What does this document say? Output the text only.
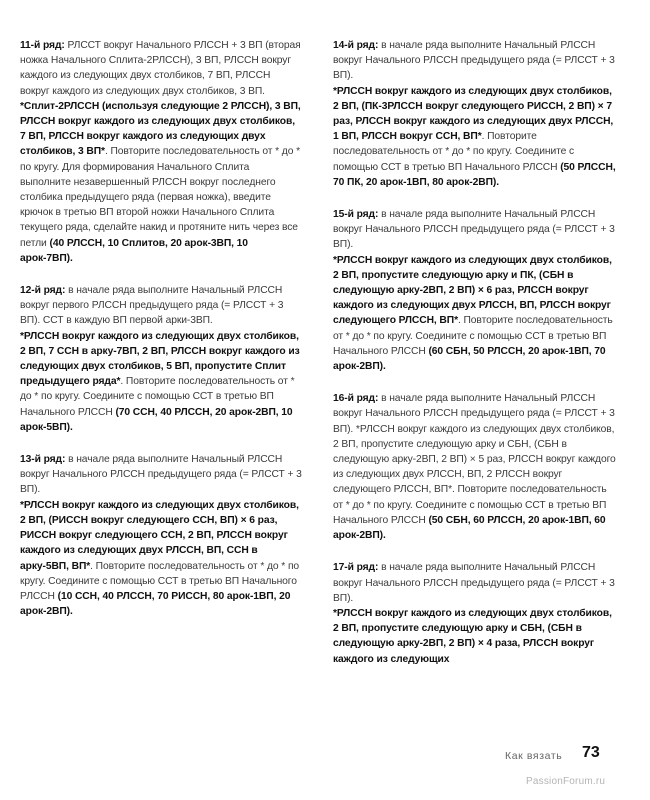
11-й ряд: РЛССТ вокруг Начального РЛССН + 3 ВП (вторая ножка Начального Сплита-2РЛССН), 3 ВП, РЛССН вокруг каждого из следующих двух столбиков, 7 ВП, РЛССН вокруг каждого из следующих двух столбиков, 3 ВП.
*Сплит-2РЛССН (используя следующие 2 РЛССН), 3 ВП, РЛССН вокруг каждого из следующих двух столбиков, 7 ВП, РЛССН вокруг каждого из следующих двух столбиков, 3 ВП*. Повторите последовательность от * до * по кругу. Для формирования Начального Сплита выполните незавершенный РЛССН вокруг последнего столбика предыдущего ряда (первая ножка), введите крючок в третью ВП второй ножки Начального Сплита текущего ряда, сделайте накид и протяните нить через все петли (40 РЛССН, 10 Сплитов, 20 арок-3ВП, 10 арок-7ВП).

12-й ряд: в начале ряда выполните Начальный РЛССН вокруг первого РЛССН предыдущего ряда (= РЛССТ + 3 ВП). ССТ в каждую ВП первой арки-3ВП.
*РЛССН вокруг каждого из следующих двух столбиков, 2 ВП, 7 ССН в арку-7ВП, 2 ВП, РЛССН вокруг каждого из следующих двух столбиков, 5 ВП, пропустите Сплит предыдущего ряда*. Повторите последовательность от * до * по кругу. Соедините с помощью ССТ в третью ВП Начального РЛССН (70 ССН, 40 РЛССН, 20 арок-2ВП, 10 арок-5ВП).

13-й ряд: в начале ряда выполните Начальный РЛССН вокруг Начального РЛССН предыдущего ряда (= РЛССТ + 3 ВП).
*РЛССН вокруг каждого из следующих двух столбиков, 2 ВП, (РИССН вокруг следующего ССН, ВП) × 6 раз, РИССН вокруг следующего ССН, 2 ВП, РЛССН вокруг каждого из следующих двух РЛССН, ВП, ССН в арку-5ВП, ВП*. Повторите последовательность от * до * по кругу. Соедините с помощью ССТ в третью ВП Начального РЛССН (10 ССН, 40 РЛССН, 70 РИССН, 80 арок-1ВП, 20 арок-2ВП).

14-й ряд: в начале ряда выполните Начальный РЛССН вокруг Начального РЛССН предыдущего ряда (= РЛССТ + 3 ВП).
*РЛССН вокруг каждого из следующих двух столбиков, 2 ВП, (ПК-3РЛССН вокруг следующего РИССН, 2 ВП) × 7 раз, РЛССН вокруг каждого из следующих двух РЛССН, 1 ВП, РЛССН вокруг ССН, ВП*. Повторите последовательность от * до * по кругу. Соедините с помощью ССТ в третью ВП Начального РЛССН (50 РЛССН, 70 ПК, 20 арок-1ВП, 80 арок-2ВП).

15-й ряд: в начале ряда выполните Начальный РЛССН вокруг Начального РЛССН предыдущего ряда (= РЛССТ + 3 ВП).
*РЛССН вокруг каждого из следующих двух столбиков, 2 ВП, пропустите следующую арку и ПК, (СБН в следующую арку-2ВП, 2 ВП) × 6 раз, РЛССН вокруг каждого из следующих двух РЛССН, ВП, РЛССН вокруг следующего РЛССН, ВП*. Повторите последовательность от * до * по кругу. Соедините с помощью ССТ в третью ВП Начального РЛССН (60 СБН, 50 РЛССН, 20 арок-1ВП, 70 арок-2ВП).

16-й ряд: в начале ряда выполните Начальный РЛССН вокруг Начального РЛССН предыдущего ряда (= РЛССТ + 3 ВП). *РЛССН вокруг каждого из следующих двух столбиков, 2 ВП, пропустите следующую арку и СБН, (СБН в следующую арку-2ВП, 2 ВП) × 5 раз, РЛССН вокруг каждого из следующих двух РЛССН, ВП, 2 РЛССН вокруг следующего РЛССН, ВП*. Повторите последовательность от * до * по кругу. Соедините с помощью ССТ в третью ВП Начального РЛССН (50 СБН, 60 РЛССН, 20 арок-1ВП, 60 арок-2ВП).

17-й ряд: в начале ряда выполните Начальный РЛССН вокруг Начального РЛССН предыдущего ряда (= РЛССТ + 3 ВП).
*РЛССН вокруг каждого из следующих двух столбиков, 2 ВП, пропустите следующую арку и СБН, (СБН в следующую арку-2ВП, 2 ВП) × 4 раза, РЛССН вокруг каждого из следующих

Как вязать 73
PassionForum.ru
